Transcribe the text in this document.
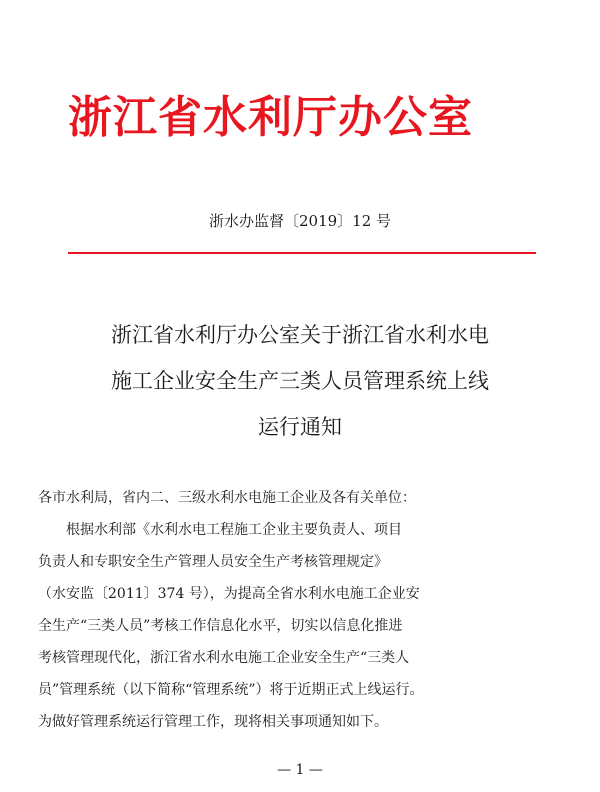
浙江省水利厅办公室
浙水办监督〔2019〕12 号
浙江省水利厅办公室关于浙江省水利水电
施工企业安全生产三类人员管理系统上线
运行通知
各市水利局，省内二、三级水利水电施工企业及各有关单位：
根据水利部《水利水电工程施工企业主要负责人、项目
负责人和专职安全生产管理人员安全生产考核管理规定》
（水安监〔2011〕374 号），为提高全省水利水电施工企业安
全生产“三类人员”考核工作信息化水平，切实以信息化推进
考核管理现代化，浙江省水利水电施工企业安全生产“三类人
员”管理系统（以下简称“管理系统”）将于近期正式上线运行。
为做好管理系统运行管理工作，现将相关事项通知如下。
— 1 —
